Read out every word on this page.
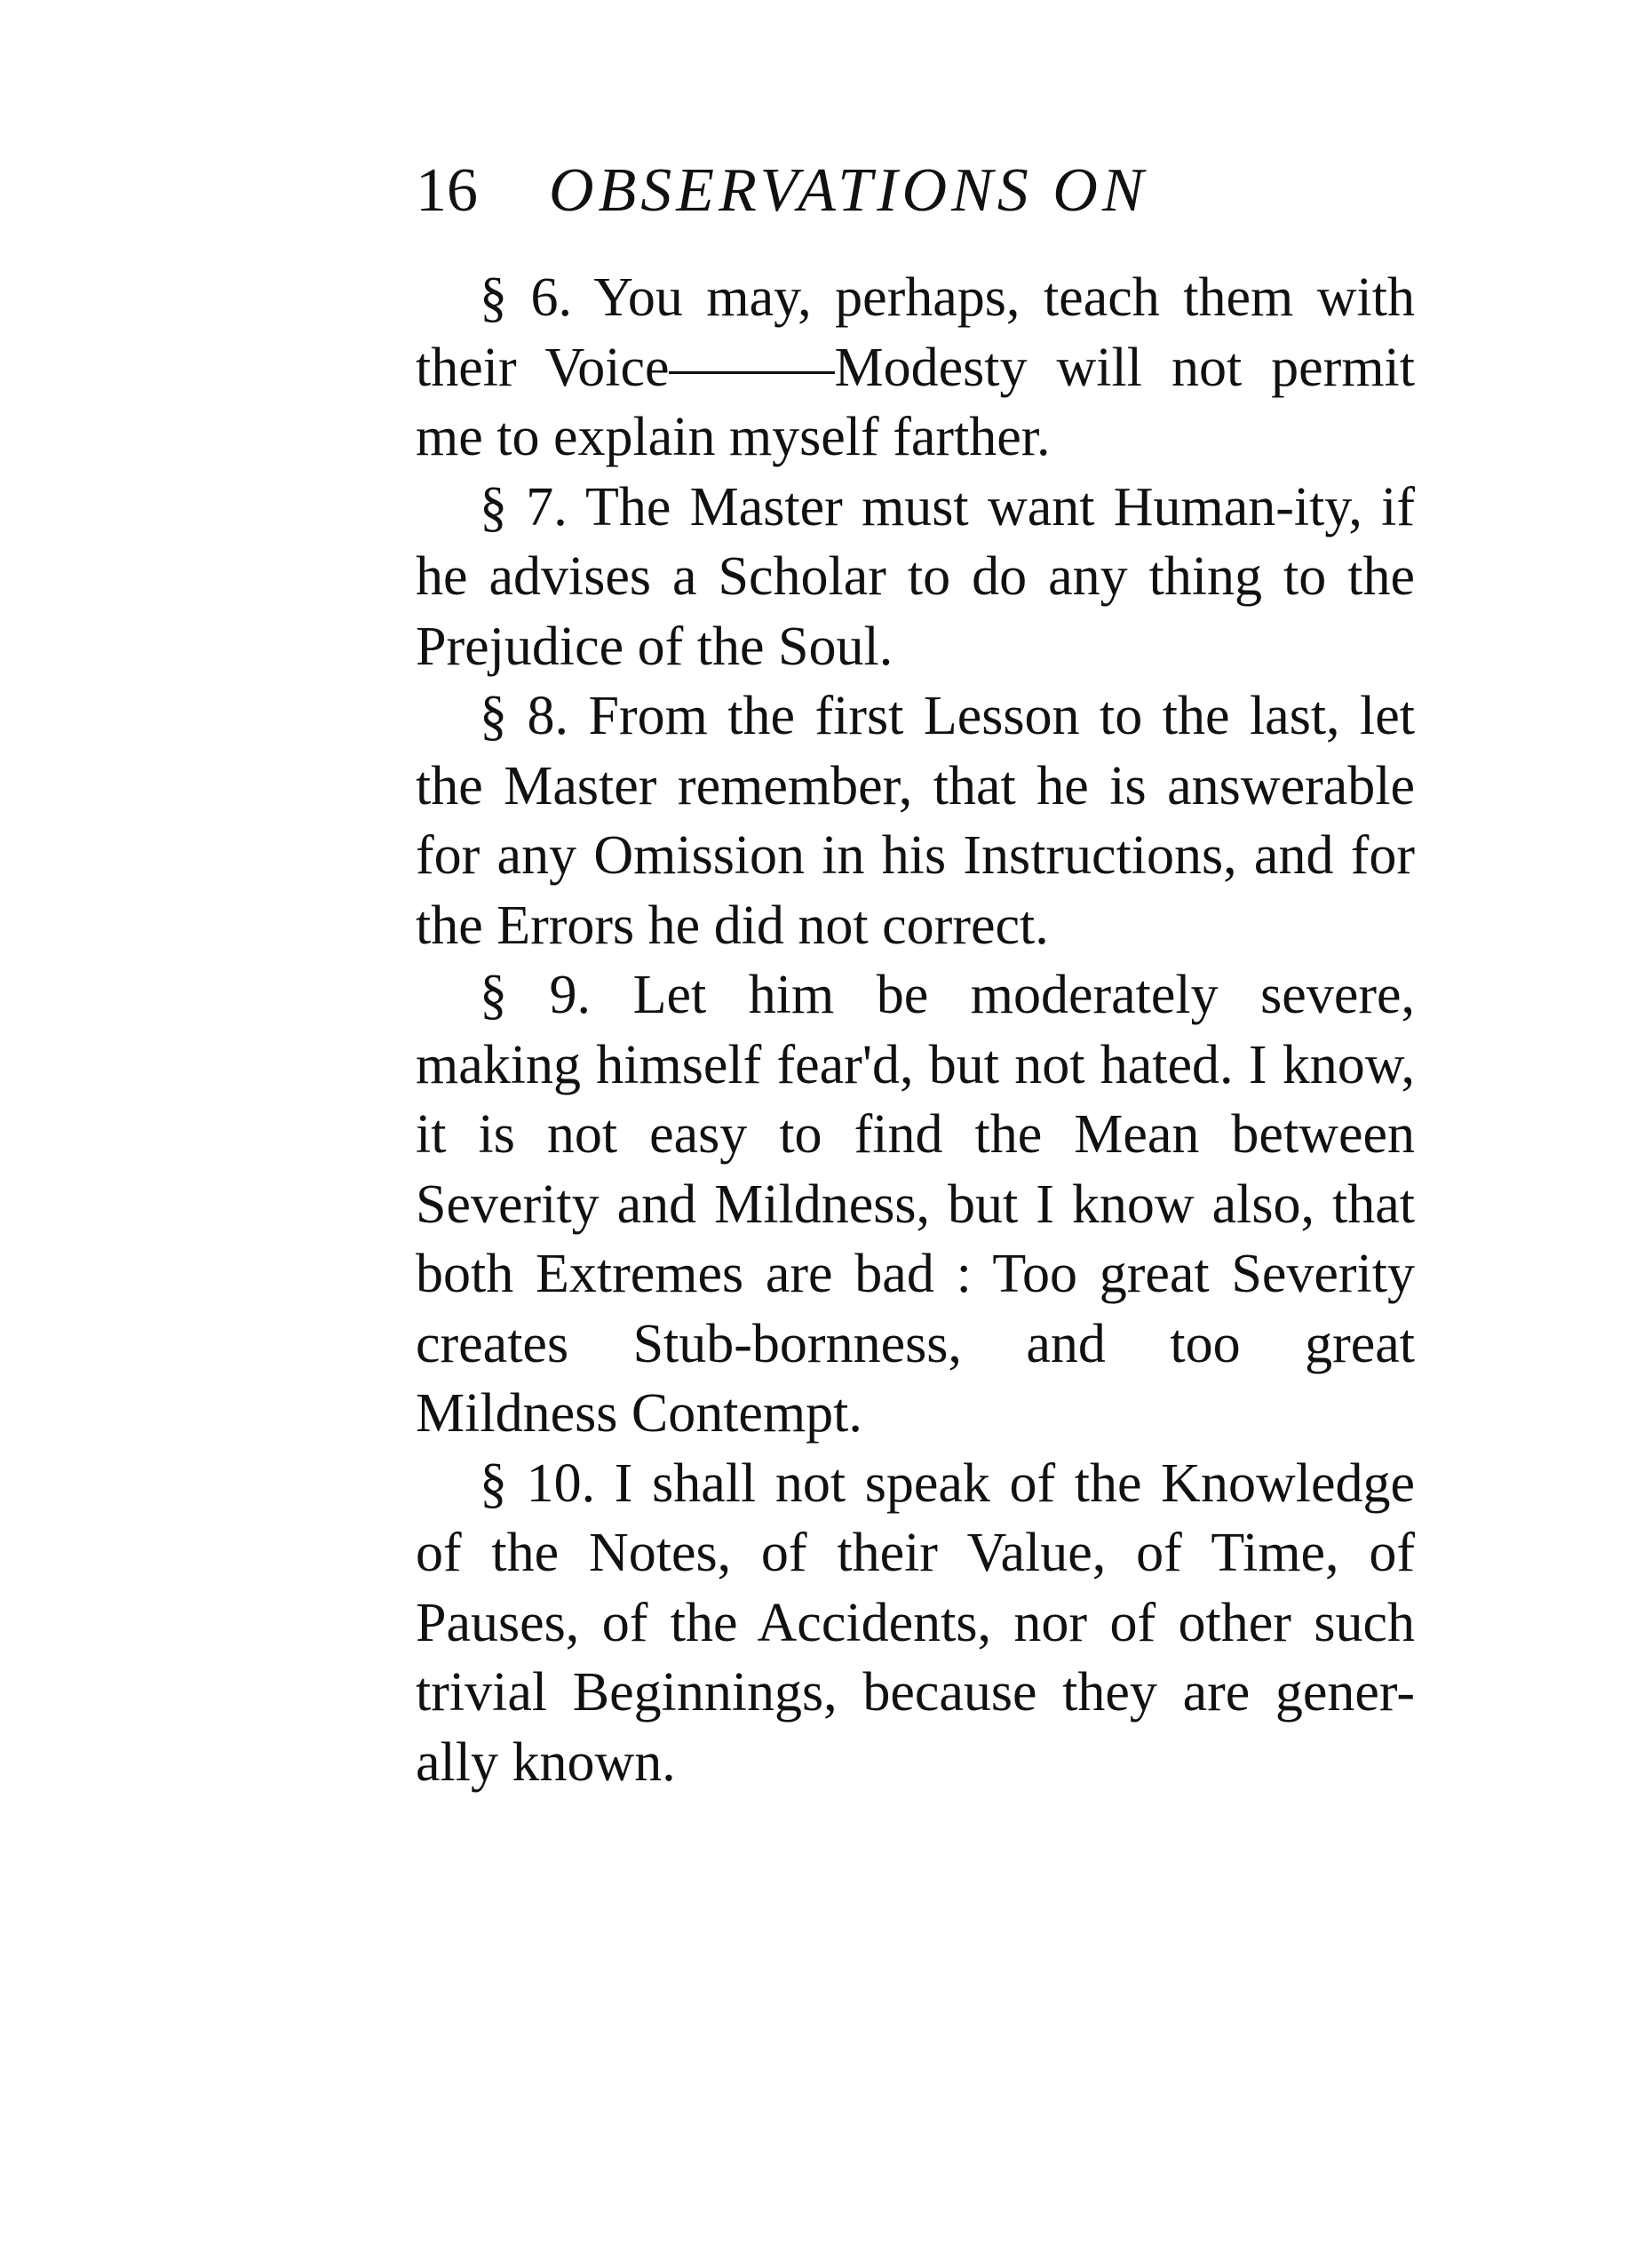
16 OBSERVATIONS ON

§ 6. You may, perhaps, teach them with their Voice———Modesty will not permit me to explain myself farther.

§ 7. The Master must want Human-ity, if he advises a Scholar to do any thing to the Prejudice of the Soul.

§ 8. From the first Lesson to the last, let the Master remember, that he is answerable for any Omission in his Instructions, and for the Errors he did not correct.

§ 9. Let him be moderately severe, making himself fear'd, but not hated. I know, it is not easy to find the Mean between Severity and Mildness, but I know also, that both Extremes are bad : Too great Severity creates Stub-bornness, and too great Mildness Contempt.

§ 10. I shall not speak of the Knowledge of the Notes, of their Value, of Time, of Pauses, of the Accidents, nor of other such trivial Beginnings, because they are gener-ally known.
